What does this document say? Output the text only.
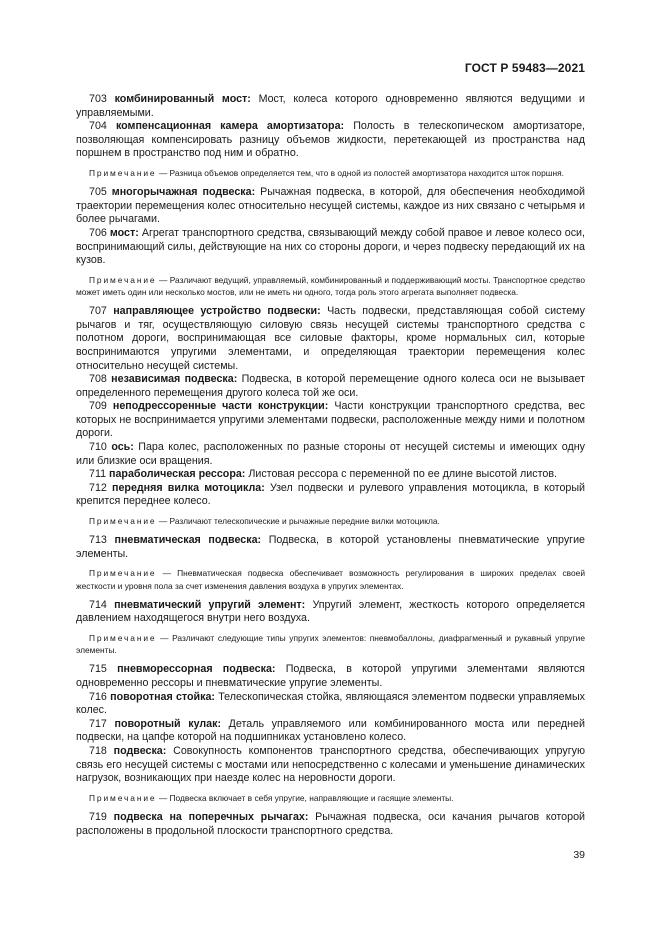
ГОСТ Р 59483—2021

703 комбинированный мост: Мост, колеса которого одновременно являются ведущими и управляемыми.

704 компенсационная камера амортизатора: Полость в телескопическом амортизаторе, позволяющая компенсировать разницу объемов жидкости, перетекающей из пространства над поршнем в пространство под ним и обратно.

Примечание — Разница объемов определяется тем, что в одной из полостей амортизатора находится шток поршня.

705 многорычажная подвеска: Рычажная подвеска, в которой, для обеспечения необходимой траектории перемещения колес относительно несущей системы, каждое из них связано с четырьмя и более рычагами.

706 мост: Агрегат транспортного средства, связывающий между собой правое и левое колесо оси, воспринимающий силы, действующие на них со стороны дороги, и через подвеску передающий их на кузов.

Примечание — Различают ведущий, управляемый, комбинированный и поддерживающий мосты. Транспортное средство может иметь один или несколько мостов, или не иметь ни одного, тогда роль этого агрегата выполняет подвеска.

707 направляющее устройство подвески: Часть подвески, представляющая собой систему рычагов и тяг, осуществляющую силовую связь несущей системы транспортного средства с полотном дороги, воспринимающая все силовые факторы, кроме нормальных сил, которые воспринимаются упругими элементами, и определяющая траектории перемещения колес относительно несущей системы.

708 независимая подвеска: Подвеска, в которой перемещение одного колеса оси не вызывает определенного перемещения другого колеса той же оси.

709 неподрессоренные части конструкции: Части конструкции транспортного средства, вес которых не воспринимается упругими элементами подвески, расположенные между ними и полотном дороги.

710 ось: Пара колес, расположенных по разные стороны от несущей системы и имеющих одну или близкие оси вращения.

711 параболическая рессора: Листовая рессора с переменной по ее длине высотой листов.

712 передняя вилка мотоцикла: Узел подвески и рулевого управления мотоцикла, в который крепится переднее колесо.

Примечание — Различают телескопические и рычажные передние вилки мотоцикла.

713 пневматическая подвеска: Подвеска, в которой установлены пневматические упругие элементы.

Примечание — Пневматическая подвеска обеспечивает возможность регулирования в широких пределах своей жесткости и уровня пола за счет изменения давления воздуха в упругих элементах.

714 пневматический упругий элемент: Упругий элемент, жесткость которого определяется давлением находящегося внутри него воздуха.

Примечание — Различают следующие типы упругих элементов: пневмобаллоны, диафрагменный и рукавный упругие элементы.

715 пневморессорная подвеска: Подвеска, в которой упругими элементами являются одновременно рессоры и пневматические упругие элементы.

716 поворотная стойка: Телескопическая стойка, являющаяся элементом подвески управляемых колес.

717 поворотный кулак: Деталь управляемого или комбинированного моста или передней подвески, на цапфе которой на подшипниках установлено колесо.

718 подвеска: Совокупность компонентов транспортного средства, обеспечивающих упругую связь его несущей системы с мостами или непосредственно с колесами и уменьшение динамических нагрузок, возникающих при наезде колес на неровности дороги.

Примечание — Подвеска включает в себя упругие, направляющие и гасящие элементы.

719 подвеска на поперечных рычагах: Рычажная подвеска, оси качания рычагов которой расположены в продольной плоскости транспортного средства.

39
